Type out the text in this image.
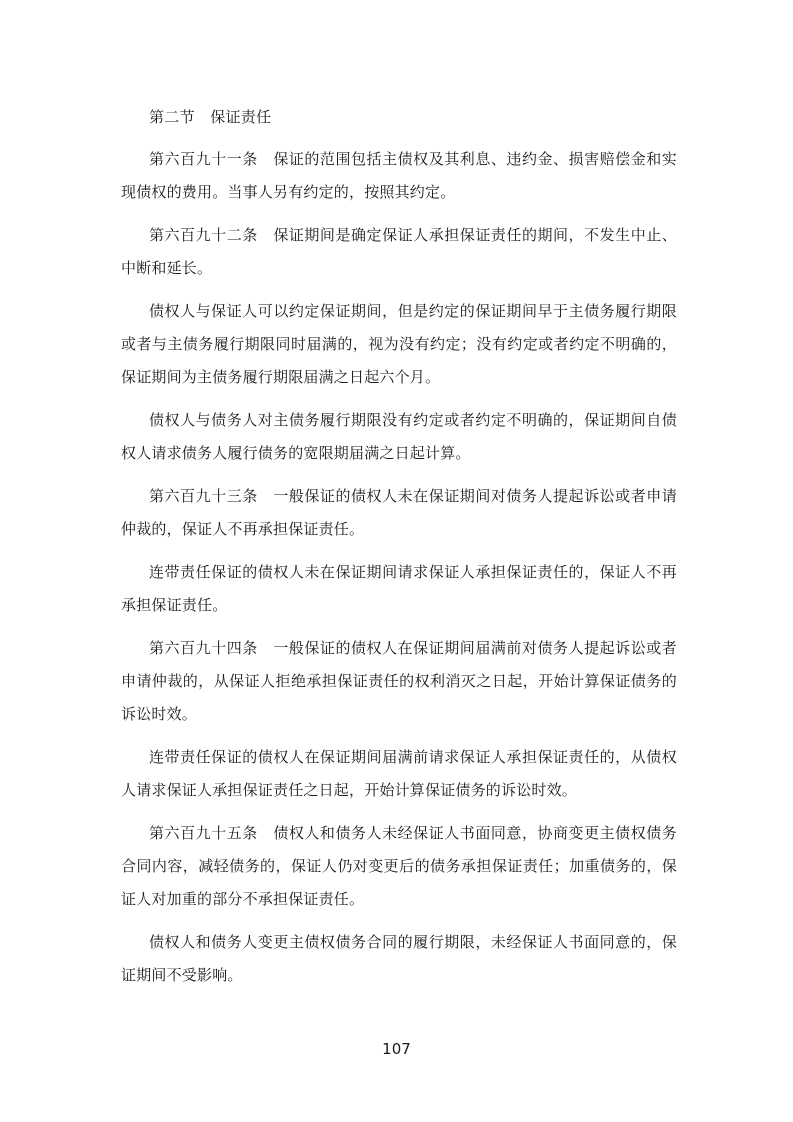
第二节　保证责任

第六百九十一条　保证的范围包括主债权及其利息、违约金、损害赔偿金和实现债权的费用。当事人另有约定的，按照其约定。

第六百九十二条　保证期间是确定保证人承担保证责任的期间，不发生中止、中断和延长。

债权人与保证人可以约定保证期间，但是约定的保证期间早于主债务履行期限或者与主债务履行期限同时届满的，视为没有约定；没有约定或者约定不明确的，保证期间为主债务履行期限届满之日起六个月。

债权人与债务人对主债务履行期限没有约定或者约定不明确的，保证期间自债权人请求债务人履行债务的宽限期届满之日起计算。

第六百九十三条　一般保证的债权人未在保证期间对债务人提起诉讼或者申请仲裁的，保证人不再承担保证责任。

连带责任保证的债权人未在保证期间请求保证人承担保证责任的，保证人不再承担保证责任。

第六百九十四条　一般保证的债权人在保证期间届满前对债务人提起诉讼或者申请仲裁的，从保证人拒绝承担保证责任的权利消灭之日起，开始计算保证债务的诉讼时效。

连带责任保证的债权人在保证期间届满前请求保证人承担保证责任的，从债权人请求保证人承担保证责任之日起，开始计算保证债务的诉讼时效。

第六百九十五条　债权人和债务人未经保证人书面同意，协商变更主债权债务合同内容，减轻债务的，保证人仍对变更后的债务承担保证责任；加重债务的，保证人对加重的部分不承担保证责任。

债权人和债务人变更主债权债务合同的履行期限，未经保证人书面同意的，保证期间不受影响。

107
